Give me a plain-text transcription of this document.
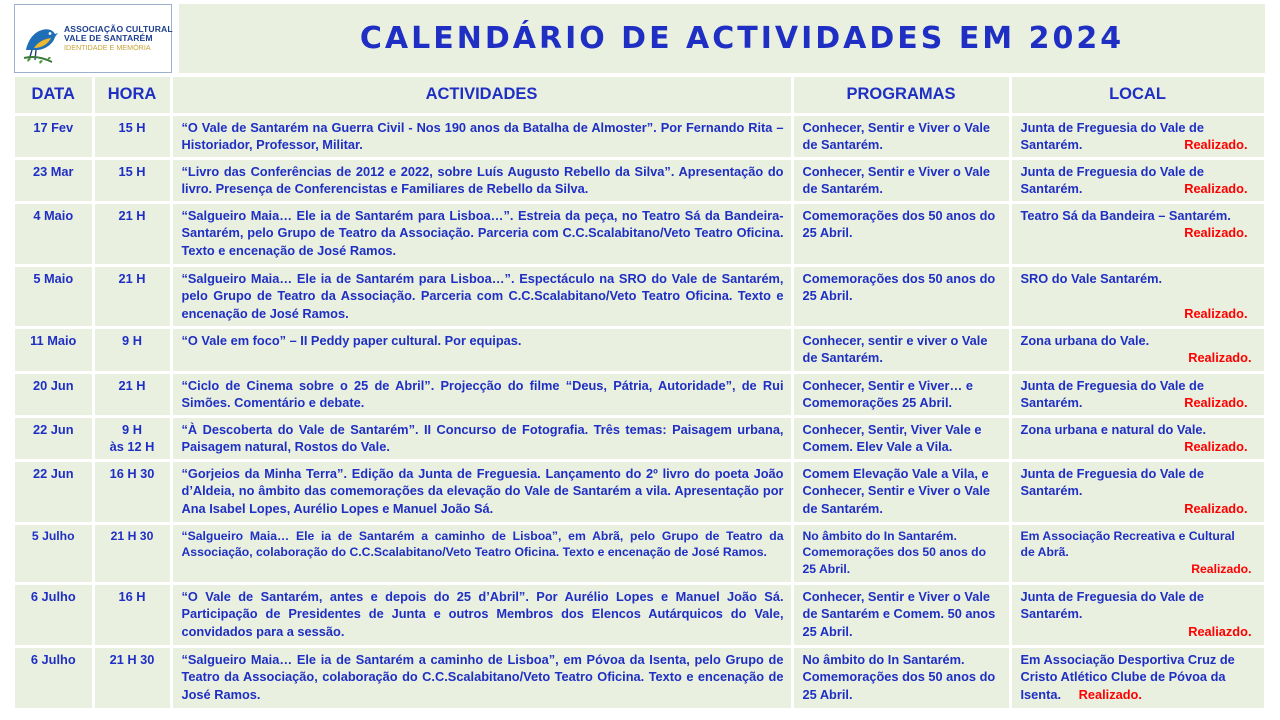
ASSOCIAÇÃO CULTURAL
VALE DE SANTARÉM
IDENTIDADE E MEMÓRIA	CALENDÁRIO DE ACTIVIDADES EM 2024
DATA	HORA	ACTIVIDADES	PROGRAMAS	LOCAL
17 Fev	15 H	“O Vale de Santarém na Guerra Civil - Nos 190 anos da Batalha de Almoster”. Por Fernando Rita – Historiador, Professor, Militar.	Conhecer, Sentir e Viver o Vale de Santarém.	Junta de Freguesia do Vale de Santarém. Realizado.

23 Mar	15 H	“Livro das Conferências de 2012 e 2022, sobre Luís Augusto Rebello da Silva”. Apresentação do livro. Presença de Conferencistas e Familiares de Rebello da Silva.	Conhecer, Sentir e Viver o Vale de Santarém.	Junta de Freguesia do Vale de Santarém. Realizado.

4 Maio	21 H	“Salgueiro Maia… Ele ia de Santarém para Lisboa…”. Estreia da peça, no Teatro Sá da Bandeira-Santarém, pelo Grupo de Teatro da Associação. Parceria com C.C.Scalabitano/Veto Teatro Oficina. Texto e encenação de José Ramos.	Comemorações dos 50 anos do 25 Abril.	Teatro Sá da Bandeira – Santarém.
Realizado.

5 Maio	21 H	“Salgueiro Maia… Ele ia de Santarém para Lisboa…”. Espectáculo na SRO do Vale de Santarém, pelo Grupo de Teatro da Associação. Parceria com C.C.Scalabitano/Veto Teatro Oficina. Texto e encenação de José Ramos.	Comemorações dos 50 anos do 25 Abril.	SRO do Vale Santarém.
Realizado.

11 Maio	9 H	“O Vale em foco” – II Peddy paper cultural. Por equipas.	Conhecer, sentir e viver o Vale de Santarém.	Zona urbana do Vale.
Realizado.

20 Jun	21 H	“Ciclo de Cinema sobre o 25 de Abril”. Projecção do filme “Deus, Pátria, Autoridade”, de Rui Simões. Comentário e debate.	Conhecer, Sentir e Viver… e Comemorações 25 Abril.	Junta de Freguesia do Vale de Santarém. Realizado.

22 Jun	9 H
às 12 H	“À Descoberta do Vale de Santarém”. II Concurso de Fotografia. Três temas: Paisagem urbana, Paisagem natural, Rostos do Vale.	Conhecer, Sentir, Viver Vale e Comem. Elev Vale a Vila.	Zona urbana e natural do Vale.
Realizado.

22 Jun	16 H 30	“Gorjeios da Minha Terra”. Edição da Junta de Freguesia. Lançamento do 2º livro do poeta João d’Aldeia, no âmbito das comemorações da elevação do Vale de Santarém a vila. Apresentação por Ana Isabel Lopes, Aurélio Lopes e Manuel João Sá.	Comem Elevação Vale a Vila, e Conhecer, Sentir e Viver o Vale de Santarém.	Junta de Freguesia do Vale de Santarém.
Realizado.

5 Julho	21 H 30	“Salgueiro Maia… Ele ia de Santarém a caminho de Lisboa”, em Abrã, pelo Grupo de Teatro da Associação, colaboração do C.C.Scalabitano/Veto Teatro Oficina. Texto e encenação de José Ramos.	No âmbito do In Santarém. Comemorações dos 50 anos do 25 Abril.	Em Associação Recreativa e Cultural de Abrã.
Realizado.

6 Julho	16 H	“O Vale de Santarém, antes e depois do 25 d’Abril”. Por Aurélio Lopes e Manuel João Sá. Participação de Presidentes de Junta e outros Membros dos Elencos Autárquicos do Vale, convidados para a sessão.	Conhecer, Sentir e Viver o Vale de Santarém e Comem. 50 anos 25 Abril.	Junta de Freguesia do Vale de Santarém.
Realiazdo.

6 Julho	21 H 30	“Salgueiro Maia… Ele ia de Santarém a caminho de Lisboa”, em Póvoa da Isenta, pelo Grupo de Teatro da Associação, colaboração do C.C.Scalabitano/Veto Teatro Oficina. Texto e encenação de José Ramos.	No âmbito do In Santarém. Comemorações dos 50 anos do 25 Abril.	Em Associação Desportiva Cruz de Cristo Atlético Clube de Póvoa da Isenta. Realizado.
